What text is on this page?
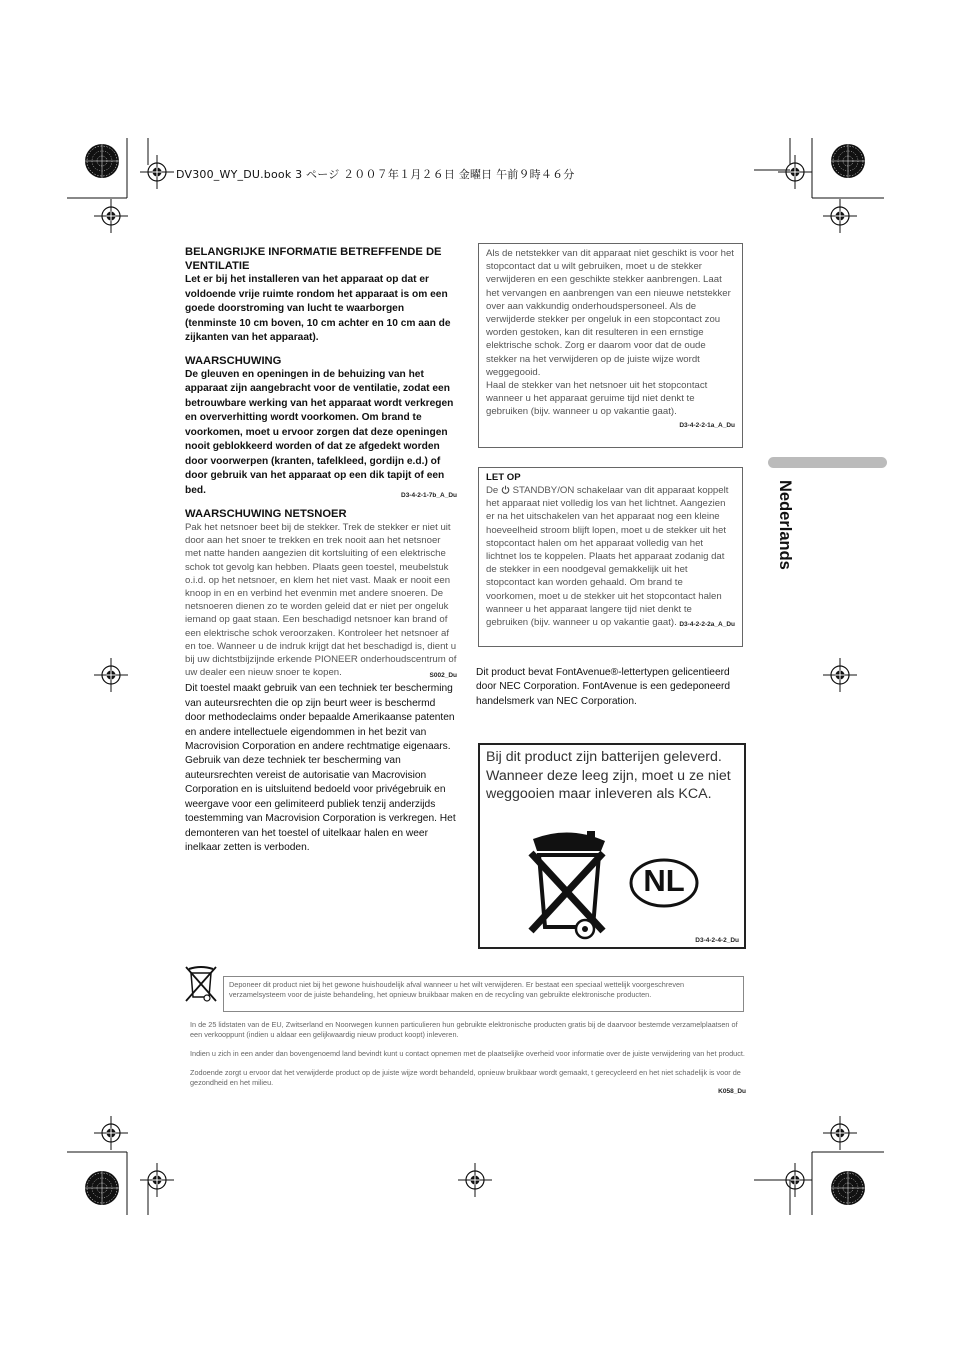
DV300_WY_DU.book 3 ページ ２００７年１月２６日 金曜日 午前９時４６分
BELANGRIJKE INFORMATIE BETREFFENDE DE VENTILATIE

Let er bij het installeren van het apparaat op dat er voldoende vrije ruimte rondom het apparaat is om een goede doorstroming van lucht te waarborgen (tenminste 10 cm boven, 10 cm achter en 10 cm aan de zijkanten van het apparaat).

WAARSCHUWING

De gleuven en openingen in de behuizing van het apparaat zijn aangebracht voor de ventilatie, zodat een betrouwbare werking van het apparaat wordt verkregen en oververhitting wordt voorkomen. Om brand te voorkomen, moet u ervoor zorgen dat deze openingen nooit geblokkeerd worden of dat ze afgedekt worden door voorwerpen (kranten, tafelkleed, gordijn e.d.) of door gebruik van het apparaat op een dik tapijt of een bed.	D3-4-2-1-7b_A_Du

WAARSCHUWING NETSNOER

Pak het netsnoer beet bij de stekker. Trek de stekker er niet uit door aan het snoer te trekken en trek nooit aan het netsnoer met natte handen aangezien dit kortsluiting of een elektrische schok tot gevolg kan hebben. Plaats geen toestel, meubelstuk o.i.d. op het netsnoer, en klem het niet vast. Maak er nooit een knoop in en en verbind het evenmin met andere snoeren. De netsnoeren dienen zo te worden geleid dat er niet per ongeluk iemand op gaat staan. Een beschadigd netsnoer kan brand of een elektrische schok veroorzaken. Kontroleer het netsnoer af en toe. Wanneer u de indruk krijgt dat het beschadigd is, dient u bij uw dichtstbijzijnde erkende PIONEER onderhoudscentrum of uw dealer een nieuw snoer te kopen.	S002_Du

Dit toestel maakt gebruik van een techniek ter bescherming van auteursrechten die op zijn beurt weer is beschermd door methodeclaims onder bepaalde Amerikaanse patenten en andere intellectuele eigendommen in het bezit van Macrovision Corporation en andere rechtmatige eigenaars. Gebruik van deze techniek ter bescherming van auteursrechten vereist de autorisatie van Macrovision Corporation en is uitsluitend bedoeld voor privégebruik en weergave voor een gelimiteerd publiek tenzij anderzijds

toestemming van Macrovision Corporation is verkregen. Het demonteren van het toestel of uitelkaar halen en weer inelkaar zetten is verboden.

Als de netstekker van dit apparaat niet geschikt is voor het stopcontact dat u wilt gebruiken, moet u de stekker verwijderen en een geschikte stekker aanbrengen. Laat het vervangen en aanbrengen van een nieuwe netstekker over aan vakkundig onderhoudspersoneel. Als de verwijderde stekker per ongeluk in een stopcontact zou worden gestoken, kan dit resulteren in een ernstige elektrische schok. Zorg er daarom voor dat de oude stekker na het verwijderen op de juiste wijze wordt weggegooid.

Haal de stekker van het netsnoer uit het stopcontact wanneer u het apparaat geruime tijd niet denkt te gebruiken (bijv. wanneer u op vakantie gaat).

D3-4-2-2-1a_A_Du
LET OP

De  STANDBY/ON schakelaar van dit apparaat koppelt het apparaat niet volledig los van het lichtnet. Aangezien er na het uitschakelen van het apparaat nog een kleine hoeveelheid stroom blijft lopen, moet u de stekker uit het stopcontact halen om het apparaat volledig van het lichtnet los te koppelen. Plaats het apparaat zodanig dat de stekker in een noodgeval gemakkelijk uit het stopcontact kan worden gehaald. Om brand te voorkomen, moet u de stekker uit het stopcontact halen wanneer u het apparaat langere tijd niet denkt te gebruiken (bijv. wanneer u op vakantie gaat). D3-4-2-2-2a_A_Du

Dit product bevat FontAvenue®-lettertypen gelicentieerd door NEC Corporation. FontAvenue is een gedeponeerd handelsmerk van NEC Corporation.
Bij dit product zijn batterijen geleverd. Wanneer deze leeg zijn, moet u ze niet weggooien maar inleveren als KCA.
NL
D3-4-2-4-2_Du
Nederlands
Deponeer dit product niet bij het gewone huishoudelijk afval wanneer u het wilt verwijderen. Er bestaat een speciaal wettelijk voorgeschreven verzamelsysteem voor de juiste behandeling, het opnieuw bruikbaar maken en de recycling van gebruikte elektronische producten.

In de 25 lidstaten van de EU, Zwitserland en Noorwegen kunnen particulieren hun gebruikte elektronische producten gratis bij de daarvoor bestemde verzamelplaatsen of een verkooppunt (indien u aldaar een gelijkwaardig nieuw product koopt) inleveren.

Indien u zich in een ander dan bovengenoemd land bevindt kunt u contact opnemen met de plaatselijke overheid voor informatie over de juiste verwijdering van het product.

Zodoende zorgt u ervoor dat het verwijderde product op de juiste wijze wordt behandeld, opnieuw bruikbaar wordt gemaakt, t gerecycleerd en het niet schadelijk is voor de gezondheid en het milieu.

K058_Du
